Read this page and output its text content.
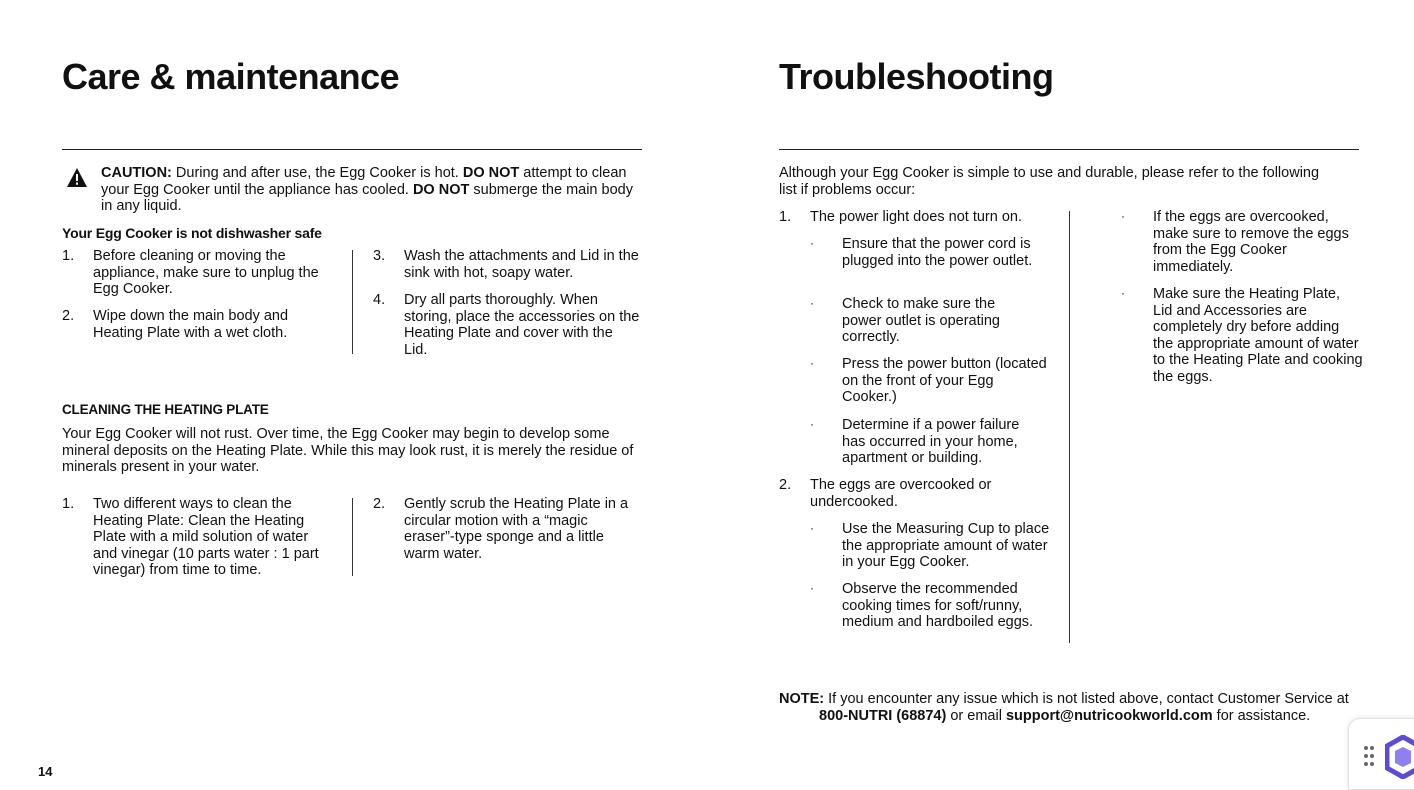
Care & maintenance
CAUTION: During and after use, the Egg Cooker is hot. DO NOT attempt to clean your Egg Cooker until the appliance has cooled. DO NOT submerge the main body in any liquid.
Your Egg Cooker is not dishwasher safe
1. Before cleaning or moving the appliance, make sure to unplug the Egg Cooker.
2. Wipe down the main body and Heating Plate with a wet cloth.
3. Wash the attachments and Lid in the sink with hot, soapy water.
4. Dry all parts thoroughly. When storing, place the accessories on the Heating Plate and cover with the Lid.
CLEANING THE HEATING PLATE
Your Egg Cooker will not rust. Over time, the Egg Cooker may begin to develop some mineral deposits on the Heating Plate. While this may look rust, it is merely the residue of minerals present in your water.
1. Two different ways to clean the Heating Plate: Clean the Heating Plate with a mild solution of water and vinegar (10 parts water : 1 part vinegar) from time to time.
2. Gently scrub the Heating Plate in a circular motion with a “magic eraser”-type sponge and a little warm water.
14
Troubleshooting
Although your Egg Cooker is simple to use and durable, please refer to the following list if problems occur:
1. The power light does not turn on.
· Ensure that the power cord is plugged into the power outlet.
· Check to make sure the power outlet is operating correctly.
· Press the power button (located on the front of your Egg Cooker.)
· Determine if a power failure has occurred in your home, apartment or building.
2. The eggs are overcooked or undercooked.
· Use the Measuring Cup to place the appropriate amount of water in your Egg Cooker.
· Observe the recommended cooking times for soft/runny, medium and hardboiled eggs.
· If the eggs are overcooked, make sure to remove the eggs from the Egg Cooker immediately.
· Make sure the Heating Plate, Lid and Accessories are completely dry before adding the appropriate amount of water to the Heating Plate and cooking the eggs.
NOTE: If you encounter any issue which is not listed above, contact Customer Service at 800-NUTRI (68874) or email support@nutricookworld.com for assistance.
